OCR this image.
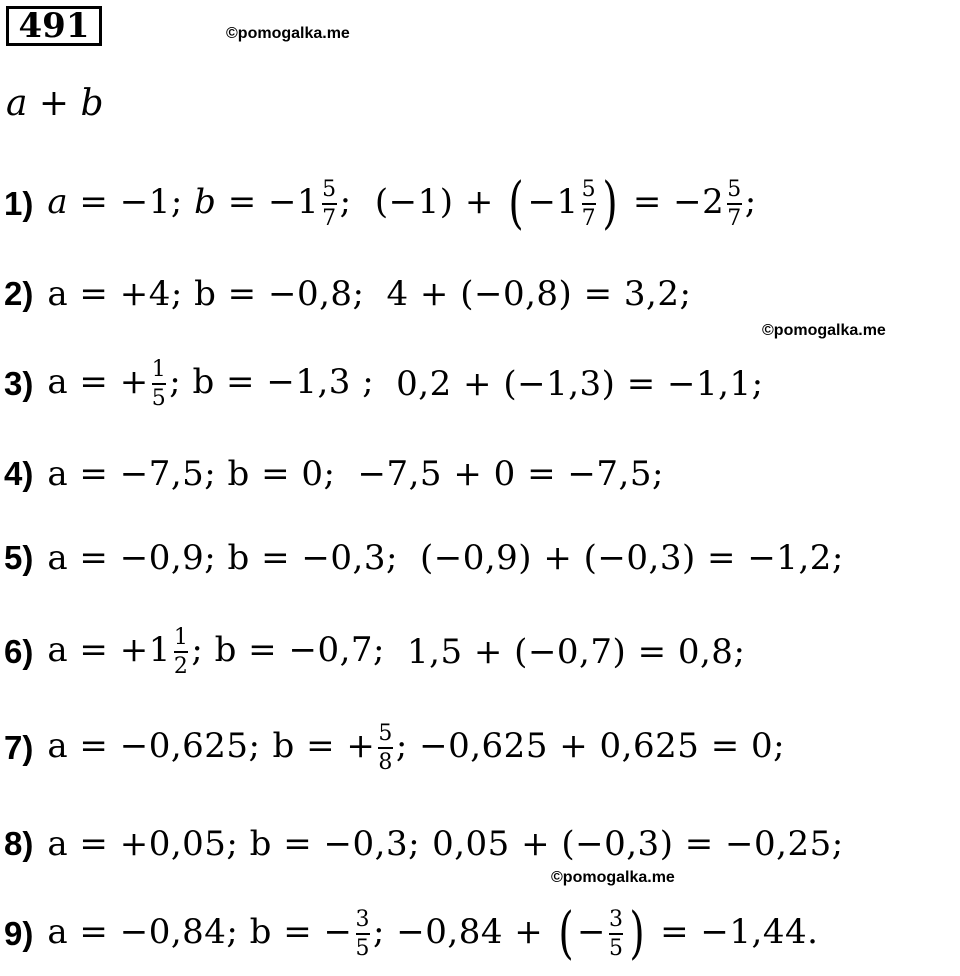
491	©pomogalka.me
©pomogalka.me
©pomogalka.me
a + b
1) a = −1; $b = -1 \frac{5}{7}$ ; $(-1) + (-1 \frac{5}{7}$ ) = $-2 \frac{5}{7}$ ;
2) a = +4; b = −0,8; 4 + (−0,8) = 3,2;
3) a = + $\frac{1}{5}$ ; b = −1,3 ; 0,2 + (−1,3) = −1,1;
4) a = −7,5; b = 0; −7,5 + 0 = −7,5;
5) a = −0,9; b = −0,3; (−0,9) + (−0,3) = −1,2;
6) $a = +1 \frac{1}{2}$ ; b = −0,7; 1,5 + (−0,7) = 0,8;
7) a = −0,625; b = + $\frac{5}{8}$ ; −0,625 + 0,625 = 0;
8) a = +0,05; b = −0,3; 0,05 + (−0,3) = −0,25;
9) a = −0,84; b = − $\frac{3}{5}$ ; −0,84 + (− $\frac{3}{5}$ ) = −1,44.
